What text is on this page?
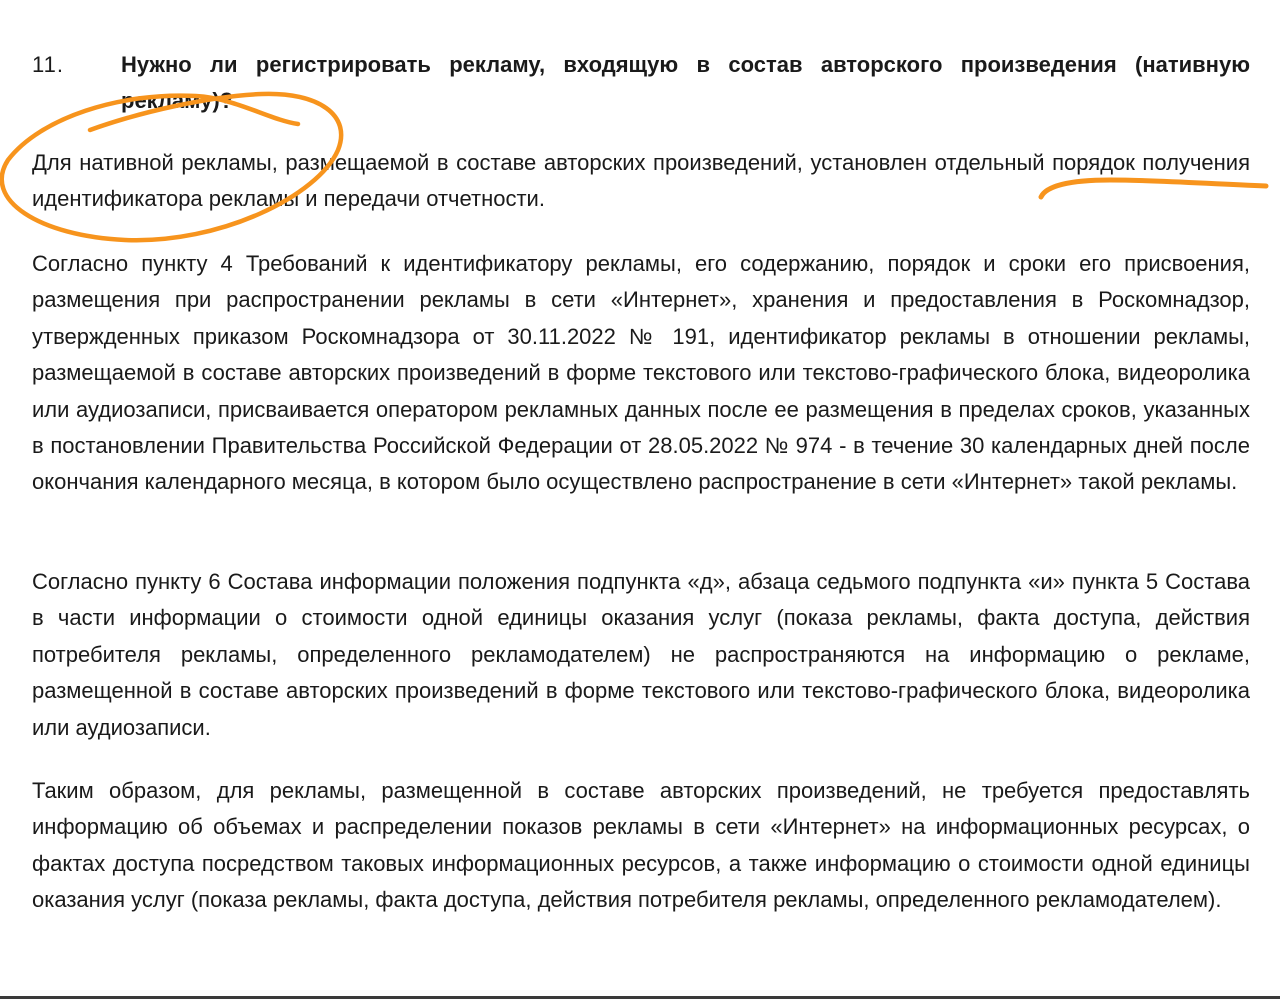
11.	Нужно ли регистрировать рекламу, входящую в состав авторского произведения (нативную рекламу)?

Для нативной рекламы, размещаемой в составе авторских произведений, установлен отдельный порядок получения идентификатора рекламы и передачи отчетности.

Согласно пункту 4 Требований к идентификатору рекламы, его содержанию, порядок и сроки его присвоения, размещения при распространении рекламы в сети «Интернет», хранения и предоставления в Роскомнадзор, утвержденных приказом Роскомнадзора от 30.11.2022 № 191, идентификатор рекламы в отношении рекламы, размещаемой в составе авторских произведений в форме текстового или текстово-графического блока, видеоролика или аудиозаписи, присваивается оператором рекламных данных после ее размещения в пределах сроков, указанных в постановлении Правительства Российской Федерации от 28.05.2022 № 974 - в течение 30 календарных дней после окончания календарного месяца, в котором было осуществлено распространение в сети «Интернет» такой рекламы.

Согласно пункту 6 Состава информации положения подпункта «д», абзаца седьмого подпункта «и» пункта 5 Состава в части информации о стоимости одной единицы оказания услуг (показа рекламы, факта доступа, действия потребителя рекламы, определенного рекламодателем) не распространяются на информацию о рекламе, размещенной в составе авторских произведений в форме текстового или текстово-графического блока, видеоролика или аудиозаписи.

Таким образом, для рекламы, размещенной в составе авторских произведений, не требуется предоставлять информацию об объемах и распределении показов рекламы в сети «Интернет» на информационных ресурсах, о фактах доступа посредством таковых информационных ресурсов, а также информацию о стоимости одной единицы оказания услуг (показа рекламы, факта доступа, действия потребителя рекламы, определенного рекламодателем).
